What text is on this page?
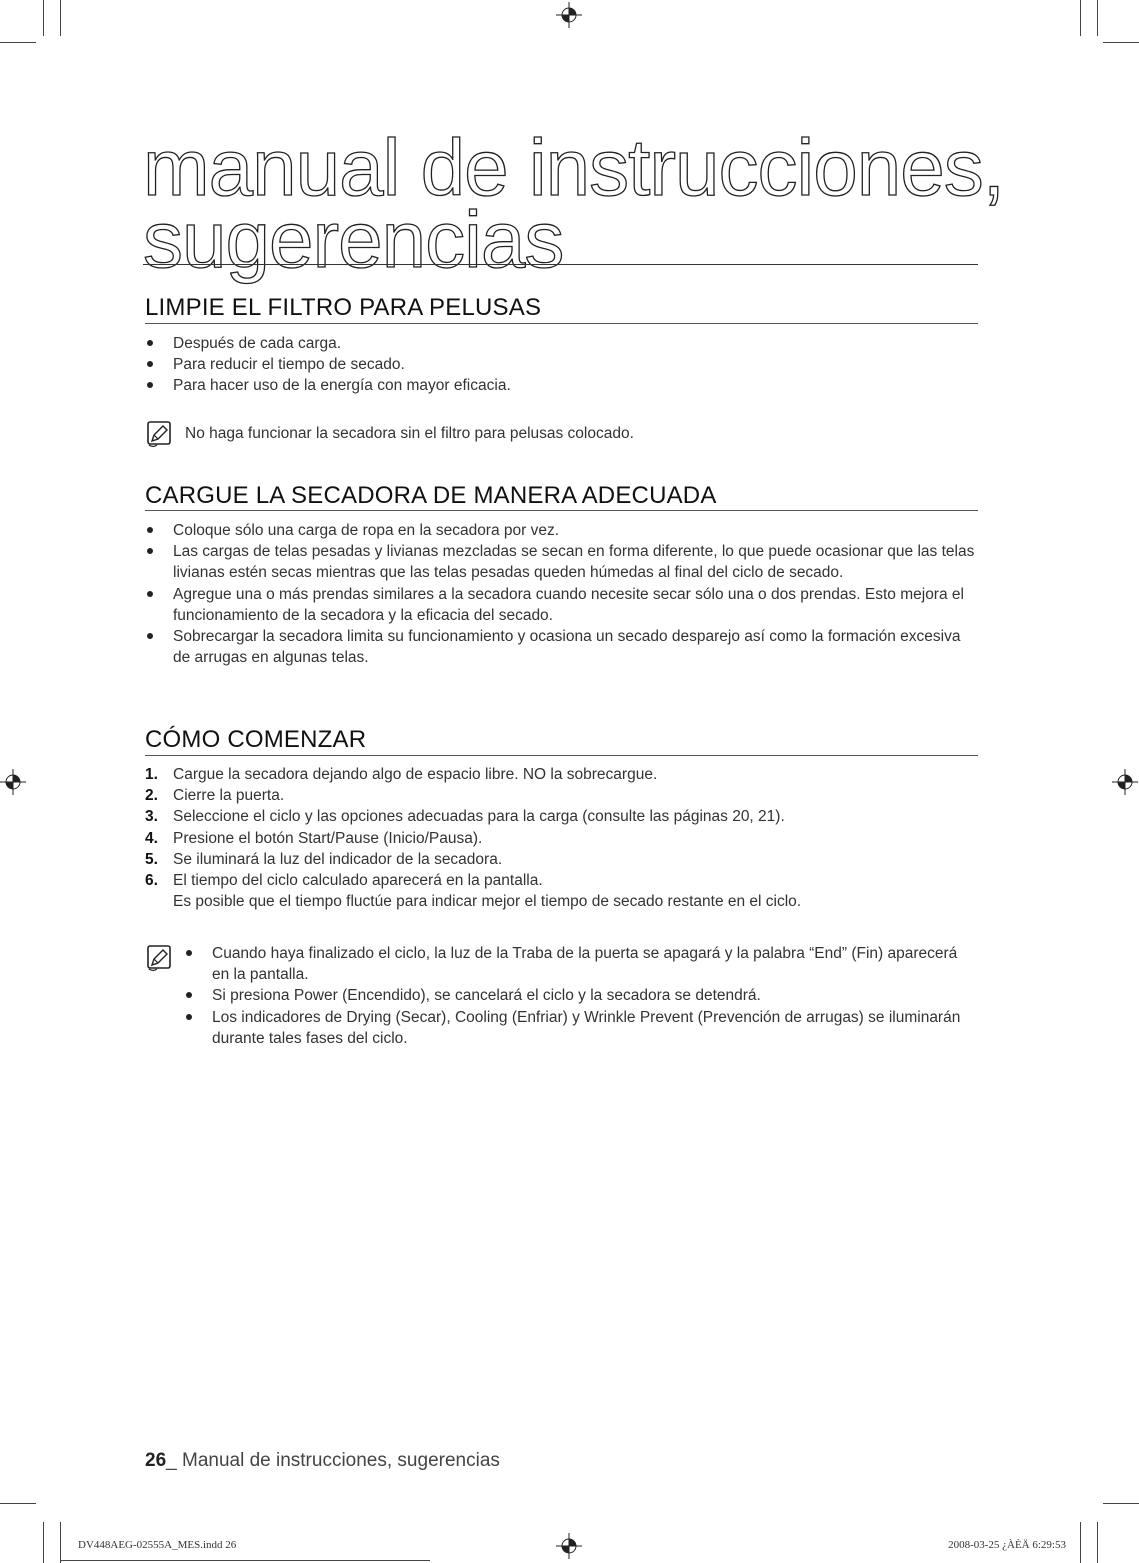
manual de instrucciones,
sugerencias
LIMPIE EL FILTRO PARA PELUSAS
Después de cada carga.
Para reducir el tiempo de secado.
Para hacer uso de la energía con mayor eficacia.
No haga funcionar la secadora sin el filtro para pelusas colocado.
CARGUE LA SECADORA DE MANERA ADECUADA
Coloque sólo una carga de ropa en la secadora por vez.
Las cargas de telas pesadas y livianas mezcladas se secan en forma diferente, lo que puede ocasionar que las telas livianas estén secas mientras que las telas pesadas queden húmedas al final del ciclo de secado.
Agregue una o más prendas similares a la secadora cuando necesite secar sólo una o dos prendas. Esto mejora el funcionamiento de la secadora y la eficacia del secado.
Sobrecargar la secadora limita su funcionamiento y ocasiona un secado desparejo así como la formación excesiva de arrugas en algunas telas.
CÓMO COMENZAR
1. Cargue la secadora dejando algo de espacio libre. NO la sobrecargue.
2. Cierre la puerta.
3. Seleccione el ciclo y las opciones adecuadas para la carga (consulte las páginas 20, 21).
4. Presione el botón Start/Pause (Inicio/Pausa).
5. Se iluminará la luz del indicador de la secadora.
6. El tiempo del ciclo calculado aparecerá en la pantalla.
Es posible que el tiempo fluctúe para indicar mejor el tiempo de secado restante en el ciclo.
Cuando haya finalizado el ciclo, la luz de la Traba de la puerta se apagará y la palabra “End” (Fin) aparecerá en la pantalla.
Si presiona Power (Encendido), se cancelará el ciclo y la secadora se detendrá.
Los indicadores de Drying (Secar), Cooling (Enfriar) y Wrinkle Prevent (Prevención de arrugas) se iluminarán durante tales fases del ciclo.
26_ Manual de instrucciones, sugerencias
DV448AEG-02555A_MES.indd 26	2008-03-25 ¿ÀÈÄ 6:29:53
